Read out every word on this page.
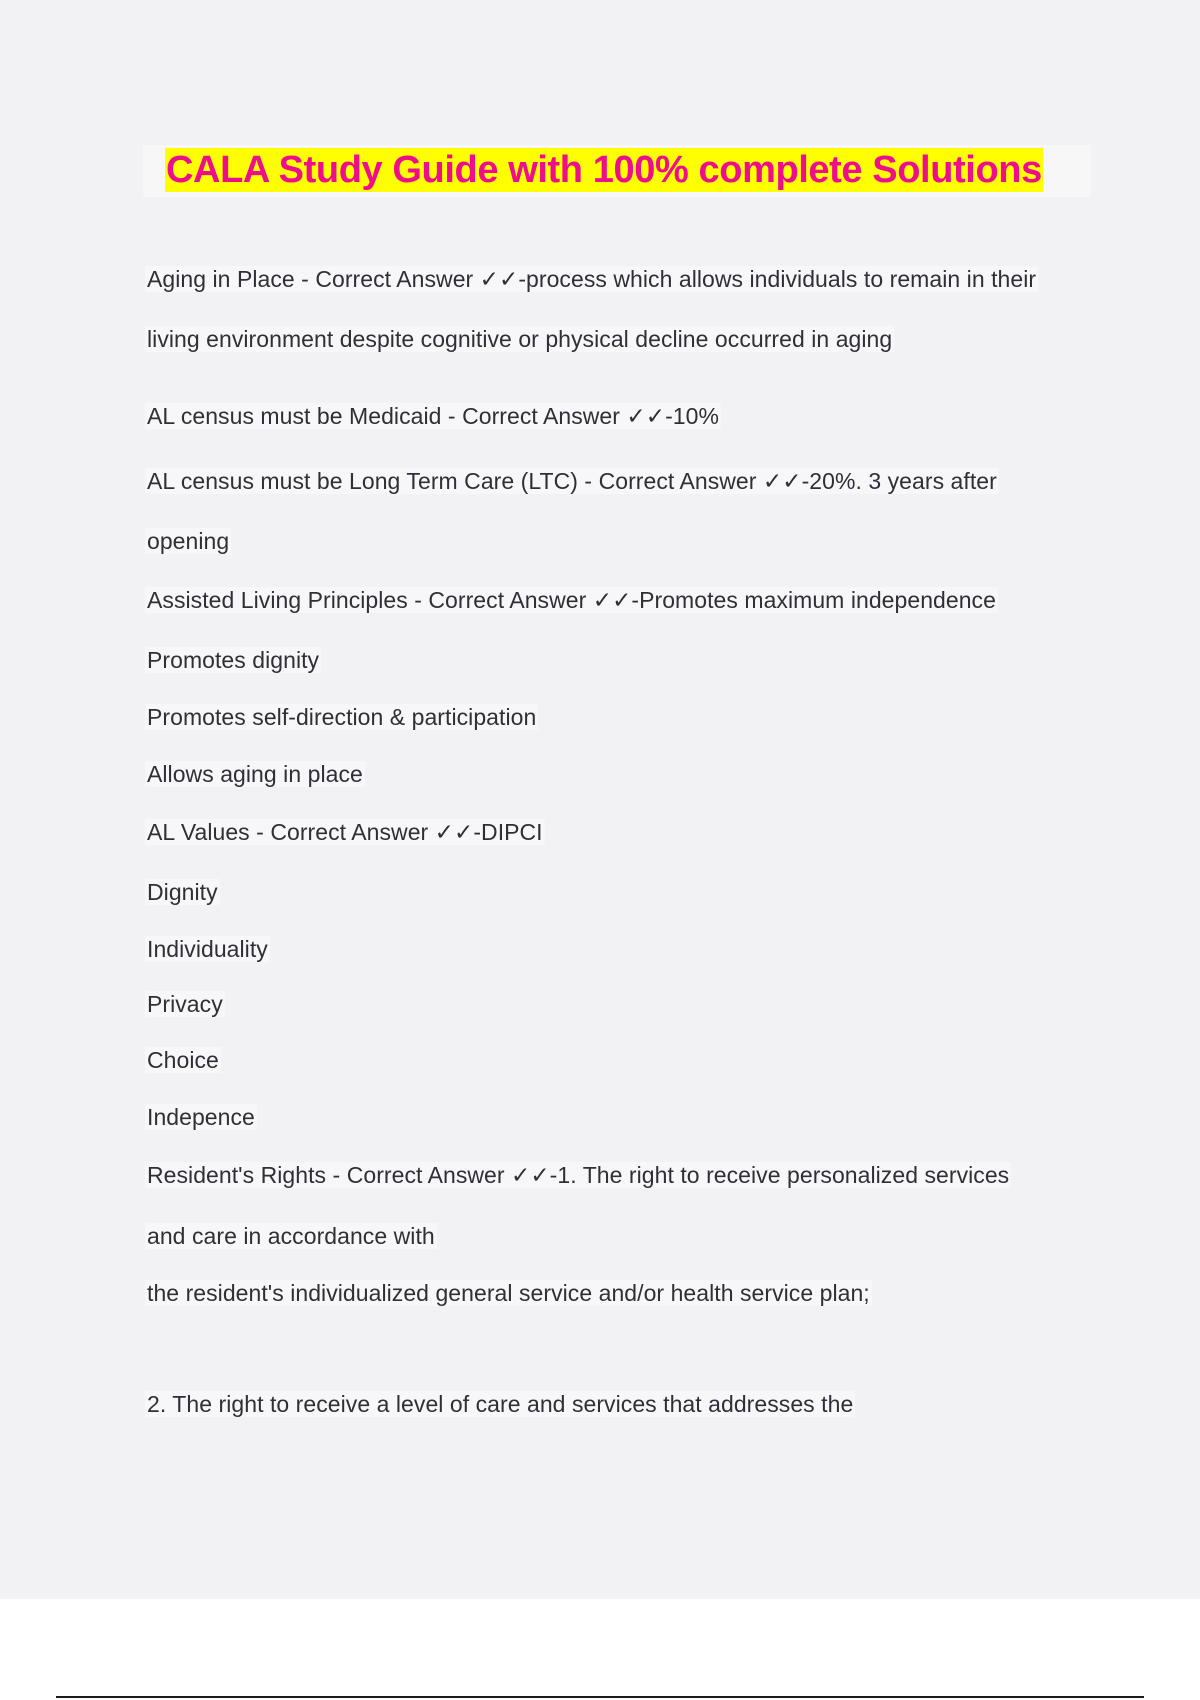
CALA Study Guide with 100% complete Solutions

Aging in Place - Correct Answer ✓✓-process which allows individuals to remain in their

living environment despite cognitive or physical decline occurred in aging

AL census must be Medicaid - Correct Answer ✓✓-10%

AL census must be Long Term Care (LTC) - Correct Answer ✓✓-20%. 3 years after

opening

Assisted Living Principles - Correct Answer ✓✓-Promotes maximum independence

Promotes dignity

Promotes self-direction & participation

Allows aging in place

AL Values - Correct Answer ✓✓-DIPCI

Dignity

Individuality

Privacy

Choice

Indepence

Resident's Rights - Correct Answer ✓✓-1. The right to receive personalized services

and care in accordance with

the resident's individualized general service and/or health service plan;

2. The right to receive a level of care and services that addresses the
